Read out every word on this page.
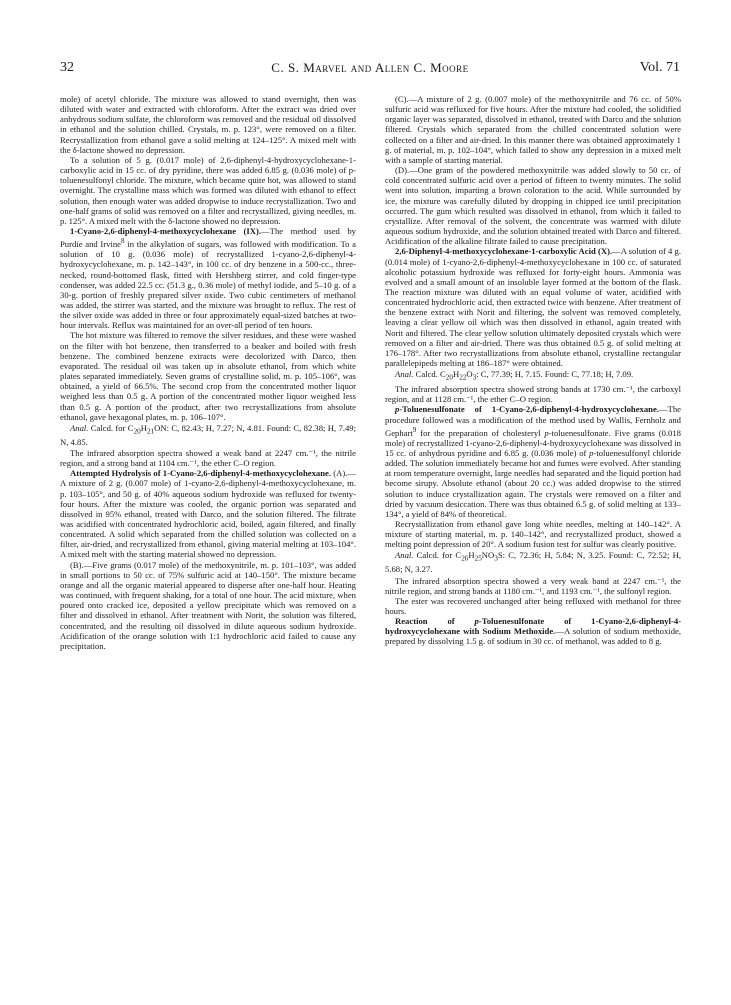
32	C. S. Marvel and Allen C. Moore	Vol. 71

mole) of acetyl chloride. The mixture was allowed to stand overnight, then was diluted with water and extracted with chloroform. After the extract was dried over anhydrous sodium sulfate, the chloroform was removed and the residual oil dissolved in ethanol and the solution chilled. Crystals, m. p. 123°, were removed on a filter. Recrystallization from ethanol gave a solid melting at 124–125°. A mixed melt with the δ-lactone showed no depression.

To a solution of 5 g. (0.017 mole) of 2,6-diphenyl-4-hydroxycyclohexane-1-carboxylic acid in 15 cc. of dry pyridine, there was added 6.85 g. (0.036 mole) of p-toluenesulfonyl chloride. The mixture, which became quite hot, was allowed to stand overnight. The crystalline mass which was formed was diluted with ethanol to effect solution, then enough water was added dropwise to induce recrystallization. Two and one-half grams of solid was removed on a filter and recrystallized, giving needles, m. p. 125°. A mixed melt with the δ-lactone showed no depression.

1-Cyano-2,6-diphenyl-4-methoxycyclohexane (IX).—The method used by Purdie and Irvine$^8$ in the alkylation of sugars, was followed with modification. To a solution of 10 g. (0.036 mole) of recrystallized 1-cyano-2,6-diphenyl-4-hydroxycyclohexane, m. p. 142–143°, in 100 cc. of dry benzene in a 500-cc., three-necked, round-bottomed flask, fitted with Hershberg stirrer, and cold finger-type condenser, was added 22.5 cc. (51.3 g., 0.36 mole) of methyl iodide, and 5–10 g. of a 30-g. portion of freshly prepared silver oxide. Two cubic centimeters of methanol was added, the stirrer was started, and the mixture was brought to reflux. The rest of the silver oxide was added in three or four approximately equal-sized batches at two-hour intervals. Reflux was maintained for an over-all period of ten hours.

The hot mixture was filtered to remove the silver residues, and these were washed on the filter with hot benzene, then transferred to a beaker and boiled with fresh benzene. The combined benzene extracts were decolorized with Darco, then evaporated. The residual oil was taken up in absolute ethanol, from which white plates separated immediately. Seven grams of crystalline solid, m. p. 105–106°, was obtained, a yield of 66.5%. The second crop from the concentrated mother liquor weighed less than 0.5 g. A portion of the concentrated mother liquor weighed less than 0.5 g. A portion of the product, after two recrystallizations from absolute ethanol, gave hexagonal plates, m. p. 106–107°.

Anal. Calcd. for $C_{20}H_{21}ON$: C, 82.43; H, 7.27; N, 4.81. Found: C, 82.38; H, 7.49; N, 4.85.

The infrared absorption spectra showed a weak band at 2247 cm.⁻¹, the nitrile region, and a strong band at 1104 cm.⁻¹, the ether C–O region.

Attempted Hydrolysis of 1-Cyano-2,6-diphenyl-4-methoxycyclohexane. (A).—A mixture of 2 g. (0.007 mole) of 1-cyano-2,6-diphenyl-4-methoxycyclohexane, m. p. 103–105°, and 50 g. of 40% aqueous sodium hydroxide was refluxed for twenty-four hours. After the mixture was cooled, the organic portion was separated and dissolved in 95% ethanol, treated with Darco, and the solution filtered. The filtrate was acidified with concentrated hydrochloric acid, boiled, again filtered, and finally concentrated. A solid which separated from the chilled solution was collected on a filter, air-dried, and recrystallized from ethanol, giving material melting at 103–104°. A mixed melt with the starting material showed no depression.

(B).—Five grams (0.017 mole) of the methoxynitrile, m. p. 101–103°, was added in small portions to 50 cc. of 75% sulfuric acid at 140–150°. The mixture became orange and all the organic material appeared to disperse after one-half hour. Heating was continued, with frequent shaking, for a total of one hour. The acid mixture, when poured onto cracked ice, deposited a yellow precipitate which was removed on a filter and dissolved in ethanol. After treatment with Norit, the solution was filtered, concentrated, and the resulting oil dissolved in dilute aqueous sodium hydroxide. Acidification of the orange solution with 1:1 hydrochloric acid failed to cause any precipitation.

(C).—A mixture of 2 g. (0.007 mole) of the methoxynitrile and 76 cc. of 50% sulfuric acid was refluxed for five hours. After the mixture had cooled, the solidified organic layer was separated, dissolved in ethanol, treated with Darco and the solution filtered. Crystals which separated from the chilled concentrated solution were collected on a filter and air-dried. In this manner there was obtained approximately 1 g. of material, m. p. 102–104°, which failed to show any depression in a mixed melt with a sample of starting material.

(D).—One gram of the powdered methoxynitrile was added slowly to 50 cc. of cold concentrated sulfuric acid over a period of fifteen to twenty minutes. The solid went into solution, imparting a brown coloration to the acid. While surrounded by ice, the mixture was carefully diluted by dropping in chipped ice until precipitation occurred. The gum which resulted was dissolved in ethanol, from which it failed to crystallize. After removal of the solvent, the concentrate was warmed with dilute aqueous sodium hydroxide, and the solution obtained treated with Darco and filtered. Acidification of the alkaline filtrate failed to cause precipitation.

2,6-Diphenyl-4-methoxycyclohexane-1-carboxylic Acid (X).—A solution of 4 g. (0.014 mole) of 1-cyano-2,6-diphenyl-4-methoxycyclohexane in 100 cc. of saturated alcoholic potassium hydroxide was refluxed for forty-eight hours. Ammonia was evolved and a small amount of an insoluble layer formed at the bottom of the flask. The reaction mixture was diluted with an equal volume of water, acidified with concentrated hydrochloric acid, then extracted twice with benzene. After treatment of the benzene extract with Norit and filtering, the solvent was removed completely, leaving a clear yellow oil which was then dissolved in ethanol, again treated with Norit and filtered. The clear yellow solution ultimately deposited crystals which were removed on a filter and air-dried. There was thus obtained 0.5 g. of solid melting at 176–178°. After two recrystallizations from absolute ethanol, crystalline rectangular parallelepipeds melting at 186–187° were obtained.

Anal. Calcd. $C_{20}H_{22}O_3$: C, 77.39; H, 7.15. Found: C, 77.18; H, 7.09.

The infrared absorption spectra showed strong bands at 1730 cm.⁻¹, the carboxyl region, and at 1128 cm.⁻¹, the ether C–O region.

p-Toluenesulfonate of 1-Cyano-2,6-diphenyl-4-hydroxycyclohexane.—The procedure followed was a modification of the method used by Wallis, Fernholz and Gephart$^9$ for the preparation of cholesteryl p-toluenesulfonate. Five grams (0.018 mole) of recrystallized 1-cyano-2,6-diphenyl-4-hydroxycyclohexane was dissolved in 15 cc. of anhydrous pyridine and 6.85 g. (0.036 mole) of p-toluenesulfonyl chloride added. The solution immediately became hot and fumes were evolved. After standing at room temperature overnight, large needles had separated and the liquid portion had become sirupy. Absolute ethanol (about 20 cc.) was added dropwise to the stirred solution to induce crystallization again. The crystals were removed on a filter and dried by vacuum desiccation. There was thus obtained 6.5 g. of solid melting at 133–134°, a yield of 84% of theoretical.

Recrystallization from ethanol gave long white needles, melting at 140–142°. A mixture of starting material, m. p. 140–142°, and recrystallized product, showed a melting point depression of 20°. A sodium fusion test for sulfur was clearly positive.

Anal. Calcd. for $C_{26}H_{25}NO_3S$: C, 72.36; H, 5.84; N, 3.25. Found: C, 72.52; H, 5.68; N, 3.27.

The infrared absorption spectra showed a very weak band at 2247 cm.⁻¹, the nitrile region, and strong bands at 1180 cm.⁻¹, and 1193 cm.⁻¹, the sulfonyl region.

The ester was recovered unchanged after being refluxed with methanol for three hours.

Reaction of p-Toluenesulfonate of 1-Cyano-2,6-diphenyl-4-hydroxycyclohexane with Sodium Methoxide.—A solution of sodium methoxide, prepared by dissolving 1.5 g. of sodium in 30 cc. of methanol, was added to 8 g.
